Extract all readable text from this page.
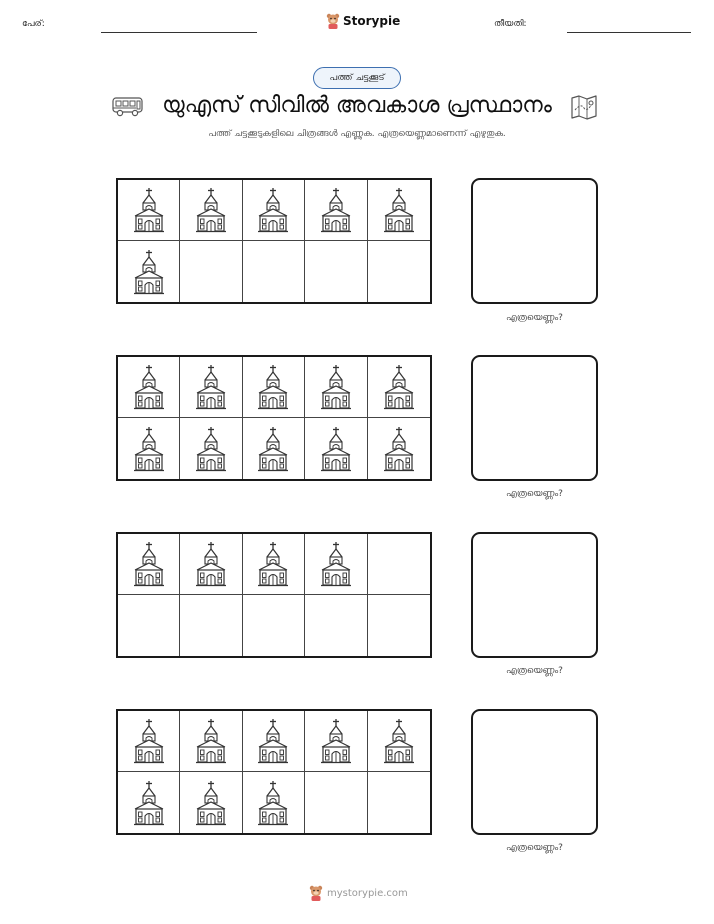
പേര്:	Storypie	തീയതി:
പത്ത് ചട്ടക്കൂട്
യുഎസ് സിവിൽ അവകാശ പ്രസ്ഥാനം
പത്ത് ചട്ടക്കൂടുകളിലെ ചിത്രങ്ങൾ എണ്ണുക. എത്രയെണ്ണമാണെന്ന് എഴുതുക.
എത്രയെണ്ണം?
എത്രയെണ്ണം?
എത്രയെണ്ണം?
എത്രയെണ്ണം?
mystorypie.com
